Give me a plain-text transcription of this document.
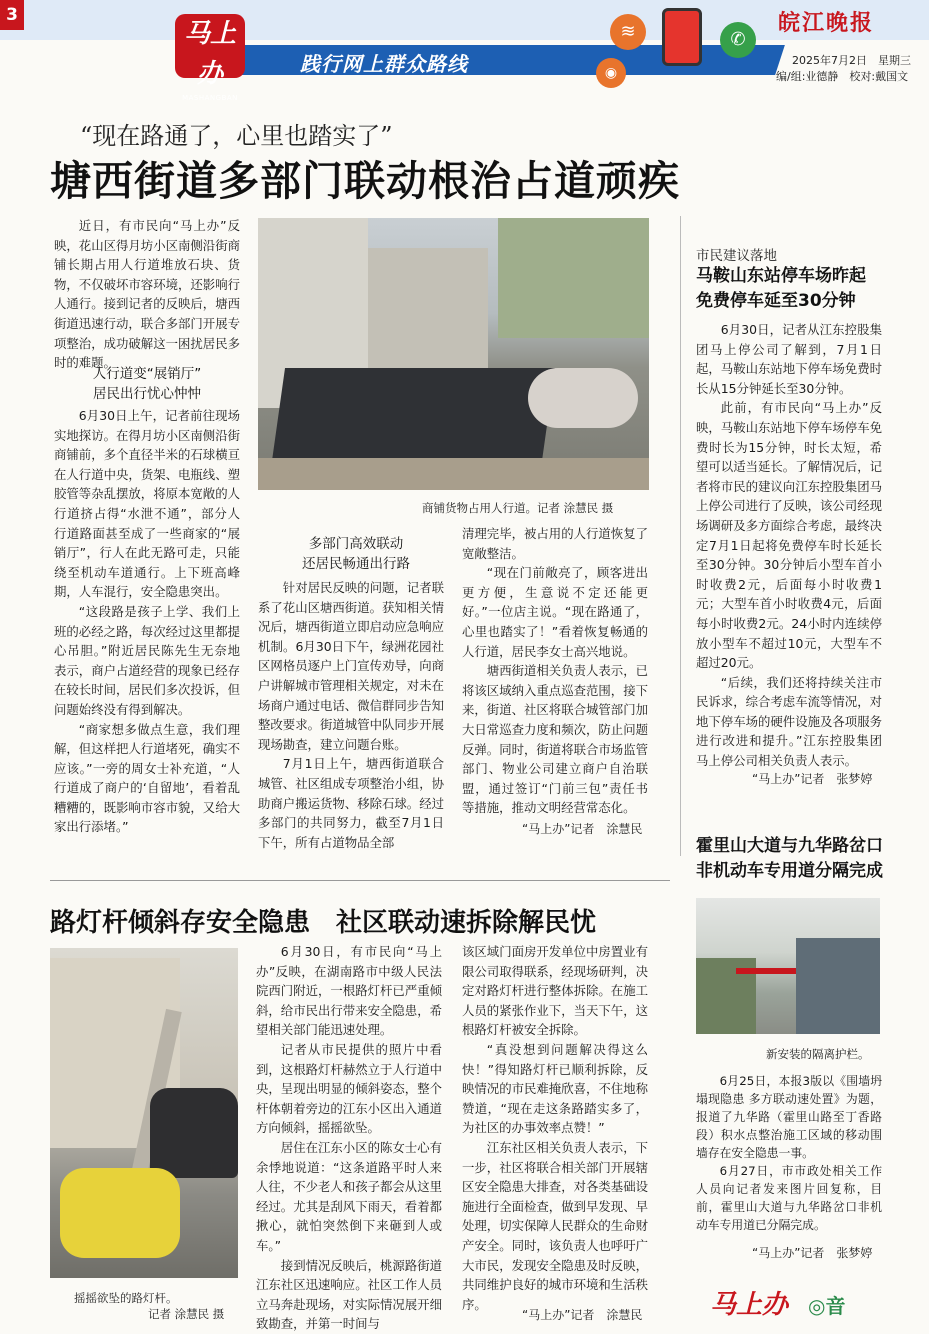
3
马上办
MASHANGBAN
践行网上群众路线
≋
◉
✆
皖江晚报
2025年7月2日　星期三
编/组:业德静　校对:戴国文
“现在路通了，心里也踏实了”
塘西街道多部门联动根治占道顽疾
近日，有市民向“马上办”反映，花山区得月坊小区南侧沿街商铺长期占用人行道堆放石块、货物，不仅破坏市容环境，还影响行人通行。接到记者的反映后，塘西街道迅速行动，联合多部门开展专项整治，成功破解这一困扰居民多时的难题。
人行道变“展销厅”
居民出行忧心忡忡

6月30日上午，记者前往现场实地探访。在得月坊小区南侧沿街商铺前，多个直径半米的石球横亘在人行道中央，货架、电瓶线、塑胶管等杂乱摆放，将原本宽敞的人行道挤占得“水泄不通”，部分人行道路面甚至成了一些商家的“展销厅”，行人在此无路可走，只能绕至机动车道通行。上下班高峰期，人车混行，安全隐患突出。

“这段路是孩子上学、我们上班的必经之路，每次经过这里都提心吊胆。”附近居民陈先生无奈地表示，商户占道经营的现象已经存在较长时间，居民们多次投诉，但问题始终没有得到解决。

“商家想多做点生意，我们理解，但这样把人行道堵死，确实不应该。”一旁的周女士补充道，“人行道成了商户的‘自留地’，看着乱糟糟的，既影响市容市貌，又给大家出行添堵。”

商铺货物占用人行道。记者 涂慧民 摄
多部门高效联动
还居民畅通出行路

针对居民反映的问题，记者联系了花山区塘西街道。获知相关情况后，塘西街道立即启动应急响应机制。6月30日下午，绿洲花园社区网格员逐户上门宣传劝导，向商户讲解城市管理相关规定，对未在场商户通过电话、微信群同步告知整改要求。街道城管中队同步开展现场勘查，建立问题台账。

7月1日上午，塘西街道联合城管、社区组成专项整治小组，协助商户搬运货物、移除石球。经过多部门的共同努力，截至7月1日下午，所有占道物品全部

清理完毕，被占用的人行道恢复了宽敞整洁。

“现在门前敞亮了，顾客进出更方便，生意说不定还能更好。”一位店主说。“现在路通了，心里也踏实了！”看着恢复畅通的人行道，居民李女士高兴地说。

塘西街道相关负责人表示，已将该区域纳入重点巡查范围，接下来，街道、社区将联合城管部门加大日常巡查力度和频次，防止问题反弹。同时，街道将联合市场监管部门、物业公司建立商户自治联盟，通过签订“门前三包”责任书等措施，推动文明经营常态化。

“马上办”记者　涂慧民
市民建议落地
马鞍山东站停车场昨起
免费停车延至30分钟

6月30日，记者从江东控股集团马上停公司了解到，7月1日起，马鞍山东站地下停车场免费时长从15分钟延长至30分钟。

此前，有市民向“马上办”反映，马鞍山东站地下停车场停车免费时长为15分钟，时长太短，希望可以适当延长。了解情况后，记者将市民的建议向江东控股集团马上停公司进行了反映，该公司经现场调研及多方面综合考虑，最终决定7月1日起将免费停车时长延长至30分钟。30分钟后小型车首小时收费2元，后面每小时收费1元；大型车首小时收费4元，后面每小时收费2元。24小时内连续停放小型车不超过10元，大型车不超过20元。

“后续，我们还将持续关注市民诉求，综合考虑车流等情况，对地下停车场的硬件设施及各项服务进行改进和提升。”江东控股集团马上停公司相关负责人表示。

“马上办”记者　张梦婷
霍里山大道与九华路岔口
非机动车专用道分隔完成
新安装的隔离护栏。

6月25日，本报3版以《围墙坍塌现隐患 多方联动速处置》为题，报道了九华路（霍里山路至丁香路段）积水点整治施工区域的移动围墙存在安全隐患一事。

6月27日，市市政处相关工作人员向记者发来图片回复称，目前，霍里山大道与九华路岔口非机动车专用道已分隔完成。

“马上办”记者　张梦婷
路灯杆倾斜存安全隐患　社区联动速拆除解民忧
摇摇欲坠的路灯杆。
记者 涂慧民 摄

6月30日，有市民向“马上办”反映，在湖南路市中级人民法院西门附近，一根路灯杆已严重倾斜，给市民出行带来安全隐患，希望相关部门能迅速处理。

记者从市民提供的照片中看到，这根路灯杆赫然立于人行道中央，呈现出明显的倾斜姿态，整个杆体朝着旁边的江东小区出入通道方向倾斜，摇摇欲坠。

居住在江东小区的陈女士心有余悸地说道：“这条道路平时人来人往，不少老人和孩子都会从这里经过。尤其是刮风下雨天，看着都揪心，就怕突然倒下来砸到人或车。”

接到情况反映后，桃源路街道江东社区迅速响应。社区工作人员立马奔赴现场，对实际情况展开细致勘查，并第一时间与

该区域门面房开发单位中房置业有限公司取得联系，经现场研判，决定对路灯杆进行整体拆除。在施工人员的紧张作业下，当天下午，这根路灯杆被安全拆除。

“真没想到问题解决得这么快！”得知路灯杆已顺利拆除，反映情况的市民难掩欣喜，不住地称赞道，“现在走这条路踏实多了，为社区的办事效率点赞！”

江东社区相关负责人表示，下一步，社区将联合相关部门开展辖区安全隐患大排查，对各类基础设施进行全面检查，做到早发现、早处理，切实保障人民群众的生命财产安全。同时，该负责人也呼吁广大市民，发现安全隐患及时反映，共同维护良好的城市环境和生活秩序。

“马上办”记者　涂慧民	马上办 ◎音
